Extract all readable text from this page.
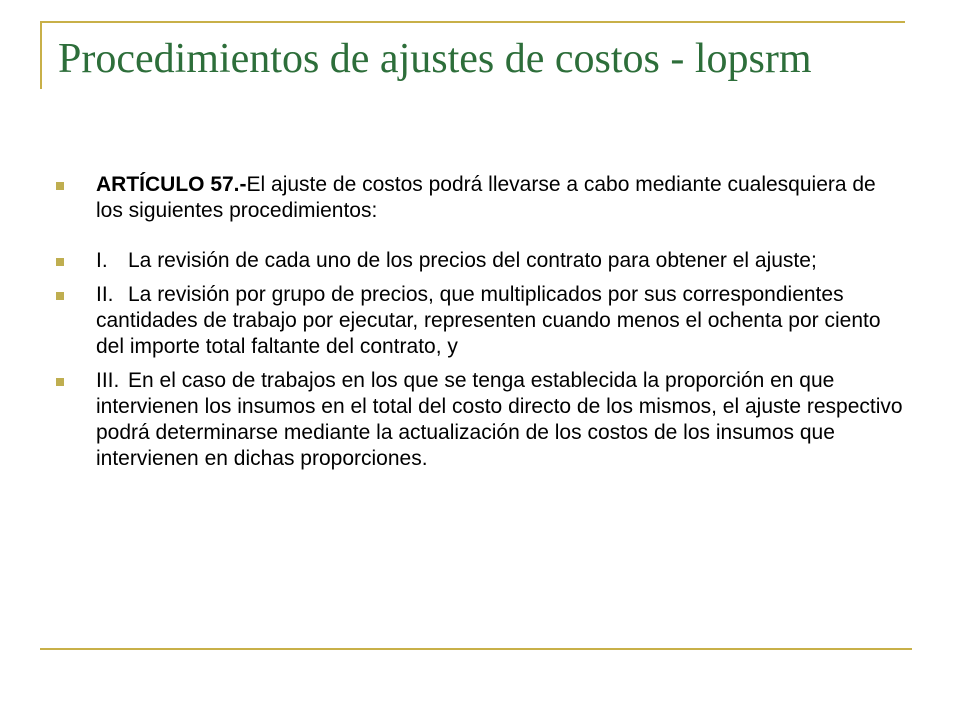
Procedimientos de ajustes de costos - lopsrm
ARTÍCULO 57.-El ajuste de costos podrá llevarse a cabo mediante cualesquiera de los siguientes procedimientos:
I. La revisión de cada uno de los precios del contrato para obtener el ajuste;
II. La revisión por grupo de precios, que multiplicados por sus correspondientes cantidades de trabajo por ejecutar, representen cuando menos el ochenta por ciento del importe total faltante del contrato, y
III. En el caso de trabajos en los que se tenga establecida la proporción en que intervienen los insumos en el total del costo directo de los mismos, el ajuste respectivo podrá determinarse mediante la actualización de los costos de los insumos que intervienen en dichas proporciones.
